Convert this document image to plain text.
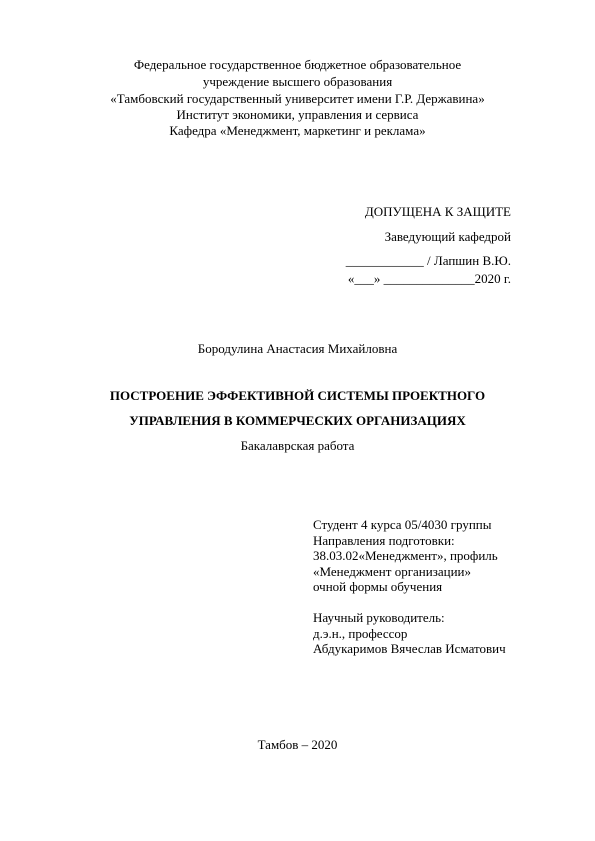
Федеральное государственное бюджетное образовательное
учреждение высшего образования
«Тамбовский государственный университет имени Г.Р. Державина»
Институт экономики, управления и сервиса
Кафедра «Менеджмент, маркетинг и реклама»
ДОПУЩЕНА К ЗАЩИТЕ
Заведующий кафедрой
____________ / Лапшин В.Ю.
«___» ______________2020 г.
Бородулина Анастасия Михайловна
ПОСТРОЕНИЕ ЭФФЕКТИВНОЙ СИСТЕМЫ ПРОЕКТНОГО
УПРАВЛЕНИЯ В КОММЕРЧЕСКИХ ОРГАНИЗАЦИЯХ
Бакалаврская работа
Студент 4 курса 05/4030 группы
Направления подготовки:
38.03.02«Менеджмент», профиль
«Менеджмент организации»
очной формы обучения
Научный руководитель:
д.э.н., профессор
Абдукаримов Вячеслав Исматович
Тамбов – 2020
